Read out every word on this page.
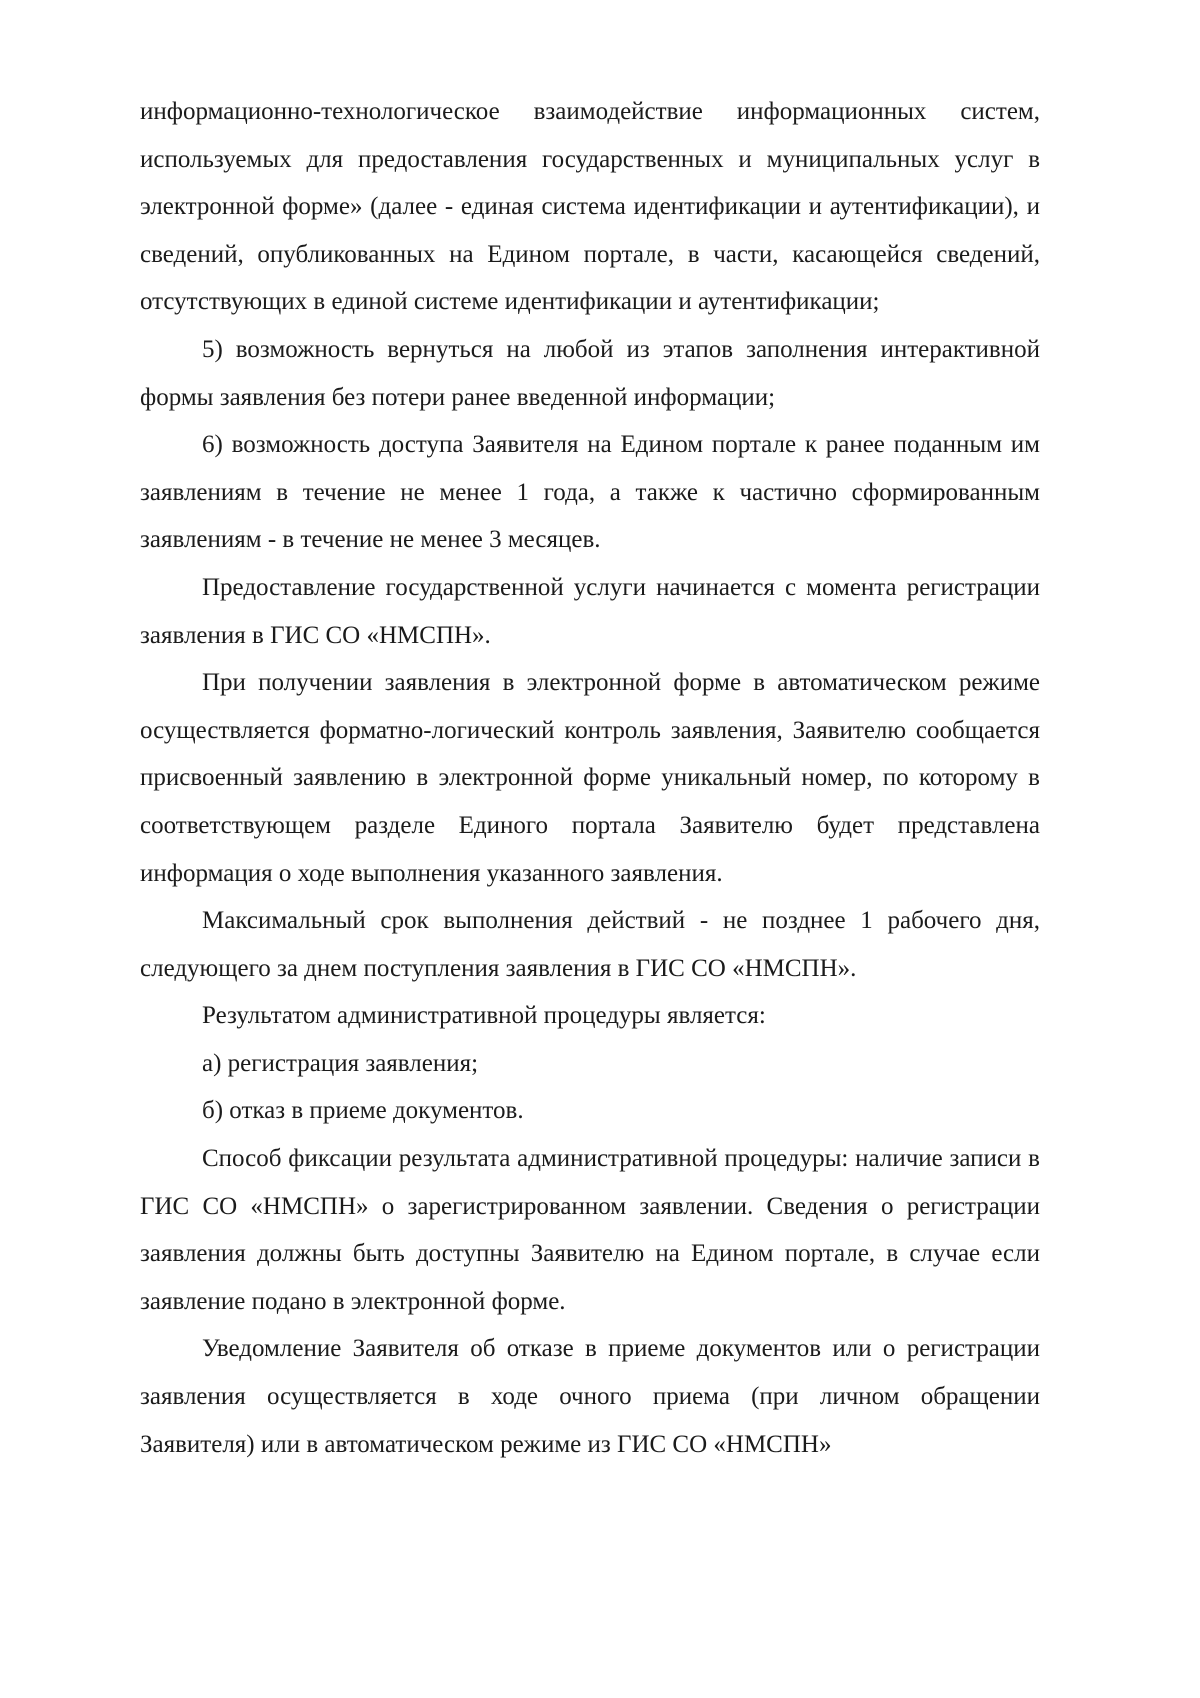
информационно-технологическое взаимодействие информационных систем, используемых для предоставления государственных и муниципальных услуг в электронной форме» (далее - единая система идентификации и аутентификации), и сведений, опубликованных на Едином портале, в части, касающейся сведений, отсутствующих в единой системе идентификации и аутентификации;

5) возможность вернуться на любой из этапов заполнения интерактивной формы заявления без потери ранее введенной информации;

6) возможность доступа Заявителя на Едином портале к ранее поданным им заявлениям в течение не менее 1 года, а также к частично сформированным заявлениям - в течение не менее 3 месяцев.

Предоставление государственной услуги начинается с момента регистрации заявления в ГИС СО «НМСПН».

При получении заявления в электронной форме в автоматическом режиме осуществляется форматно-логический контроль заявления, Заявителю сообщается присвоенный заявлению в электронной форме уникальный номер, по которому в соответствующем разделе Единого портала Заявителю будет представлена информация о ходе выполнения указанного заявления.

Максимальный срок выполнения действий - не позднее 1 рабочего дня, следующего за днем поступления заявления в ГИС СО «НМСПН».

Результатом административной процедуры является:

а) регистрация заявления;

б) отказ в приеме документов.

Способ фиксации результата административной процедуры: наличие записи в ГИС СО «НМСПН» о зарегистрированном заявлении. Сведения о регистрации заявления должны быть доступны Заявителю на Едином портале, в случае если заявление подано в электронной форме.

Уведомление Заявителя об отказе в приеме документов или о регистрации заявления осуществляется в ходе очного приема (при личном обращении Заявителя) или в автоматическом режиме из ГИС СО «НМСПН»
